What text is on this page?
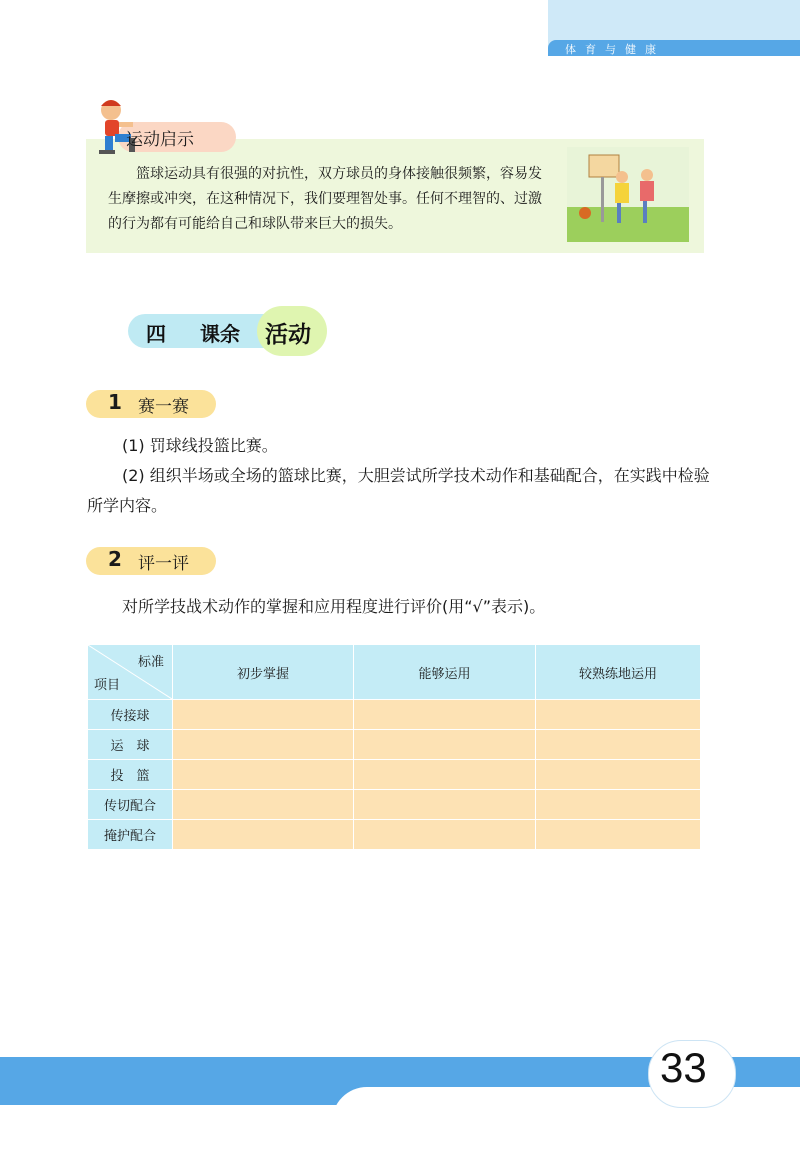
体育与健康
运动启示
篮球运动具有很强的对抗性，双方球员的身体接触很频繁，容易发生摩擦或冲突，在这种情况下，我们要理智处事。任何不理智的、过激的行为都有可能给自己和球队带来巨大的损失。
四 课余 活动
1 赛一赛
(1) 罚球线投篮比赛。
(2) 组织半场或全场的篮球比赛，大胆尝试所学技术动作和基础配合，在实践中检验所学内容。
2 评一评
对所学技战术动作的掌握和应用程度进行评价(用“√”表示)。
标准
项目	初步掌握	能够运用	较熟练地运用
传接球			
运　球			
投　篮			
传切配合			
掩护配合			
33
